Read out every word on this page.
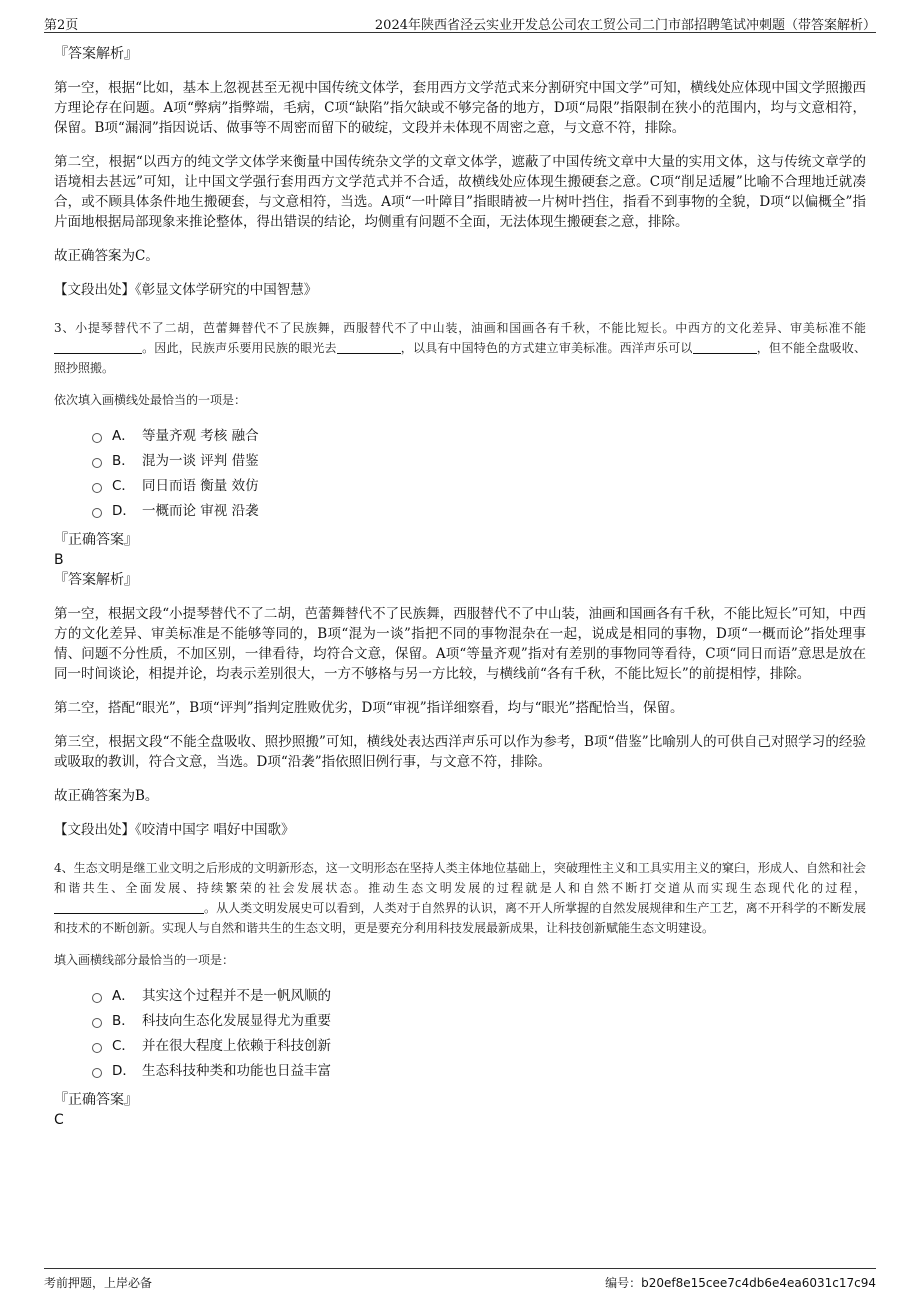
第2页	2024年陕西省泾云实业开发总公司农工贸公司二门市部招聘笔试冲刺题（带答案解析）

『答案解析』

第一空，根据“比如，基本上忽视甚至无视中国传统文体学，套用西方文学范式来分割研究中国文学”可知，横线处应体现中国文学照搬西方理论存在问题。A项“弊病”指弊端，毛病，C项“缺陷”指欠缺或不够完备的地方，D项“局限”指限制在狭小的范围内，均与文意相符，保留。B项“漏洞”指因说话、做事等不周密而留下的破绽，文段并未体现不周密之意，与文意不符，排除。

第二空，根据“以西方的纯文学文体学来衡量中国传统杂文学的文章文体学，遮蔽了中国传统文章中大量的实用文体，这与传统文章学的语境相去甚远”可知，让中国文学强行套用西方文学范式并不合适，故横线处应体现生搬硬套之意。C项“削足适履”比喻不合理地迁就凑合，或不顾具体条件地生搬硬套，与文意相符，当选。A项“一叶障目”指眼睛被一片树叶挡住，指看不到事物的全貌，D项“以偏概全”指片面地根据局部现象来推论整体，得出错误的结论，均侧重有问题不全面，无法体现生搬硬套之意，排除。

故正确答案为C。

【文段出处】《彰显文体学研究的中国智慧》

3、小提琴替代不了二胡，芭蕾舞替代不了民族舞，西服替代不了中山装，油画和国画各有千秋，不能比短长。中西方的文化差异、审美标准不能。因此，民族声乐要用民族的眼光去	，以具有中国特色的方式建立审美标准。西洋声乐可以	，但不能全盘吸收、照抄照搬。

依次填入画横线处最恰当的一项是：

A． 等量齐观 考核 融合
B． 混为一谈 评判 借鉴
C． 同日而语 衡量 效仿
D． 一概而论 审视 沿袭

『正确答案』

B

『答案解析』

第一空，根据文段“小提琴替代不了二胡，芭蕾舞替代不了民族舞，西服替代不了中山装，油画和国画各有千秋，不能比短长”可知，中西方的文化差异、审美标准是不能够等同的，B项“混为一谈”指把不同的事物混杂在一起，说成是相同的事物，D项“一概而论”指处理事情、问题不分性质，不加区别，一律看待，均符合文意，保留。A项“等量齐观”指对有差别的事物同等看待，C项“同日而语”意思是放在同一时间谈论，相提并论，均表示差别很大，一方不够格与另一方比较，与横线前“各有千秋，不能比短长”的前提相悖，排除。

第二空，搭配“眼光”，B项“评判”指判定胜败优劣，D项“审视”指详细察看，均与“眼光”搭配恰当，保留。

第三空，根据文段“不能全盘吸收、照抄照搬”可知，横线处表达西洋声乐可以作为参考，B项“借鉴”比喻别人的可供自己对照学习的经验或吸取的教训，符合文意，当选。D项“沿袭”指依照旧例行事，与文意不符，排除。

故正确答案为B。

【文段出处】《咬清中国字 唱好中国歌》

4、生态文明是继工业文明之后形成的文明新形态，这一文明形态在坚持人类主体地位基础上，突破理性主义和工具实用主义的窠臼，形成人、自然和社会和谐共生、全面发展、持续繁荣的社会发展状态。推动生态文明发展的过程就是人和自然不断打交道从而实现生态现代化的过程，。从人类文明发展史可以看到，人类对于自然界的认识，离不开人所掌握的自然发展规律和生产工艺，离不开科学的不断发展和技术的不断创新。实现人与自然和谐共生的生态文明，更是要充分利用科技发展最新成果，让科技创新赋能生态文明建设。

填入画横线部分最恰当的一项是：

A． 其实这个过程并不是一帆风顺的
B． 科技向生态化发展显得尤为重要
C． 并在很大程度上依赖于科技创新
D． 生态科技种类和功能也日益丰富

『正确答案』

C

考前押题，上岸必备	编号：b20ef8e15cee7c4db6e4ea6031c17c94
